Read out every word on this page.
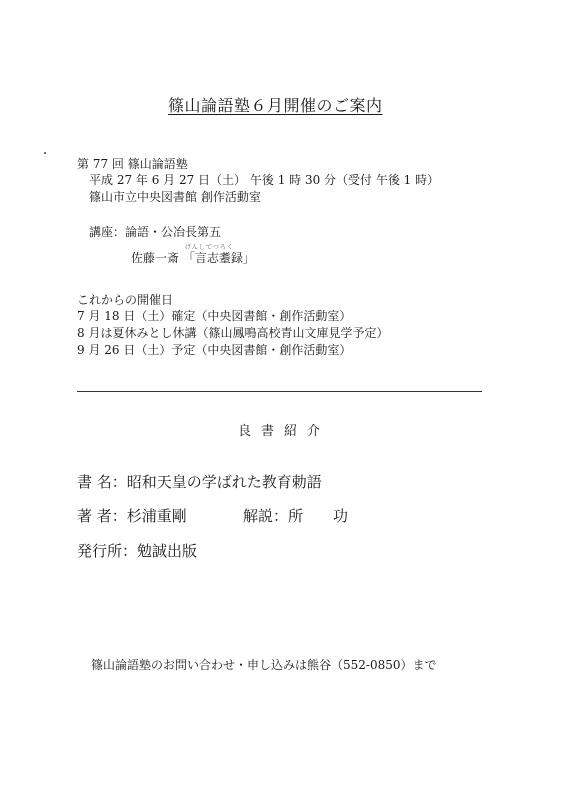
篠山論語塾６月開催のご案内
第 77 回 篠山論語塾
平成 27 年 6 月 27 日（土） 午後 1 時 30 分（受付 午後 1 時）
篠山市立中央図書館 創作活動室
講座：論語・公冶長第五
佐藤一斎
げんしてつろく
「言志耋録」
これからの開催日
7 月 18 日（土）確定（中央図書館・創作活動室）
8 月は夏休みとし休講（篠山鳳鳴高校青山文庫見学予定）
9 月 26 日（土）予定（中央図書館・創作活動室）
良書紹介
書 名：昭和天皇の学ばれた教育勅語
著 者：杉浦重剛	解説：所　　功
発行所：勉誠出版
篠山論語塾のお問い合わせ・申し込みは熊谷（552-0850）まで
